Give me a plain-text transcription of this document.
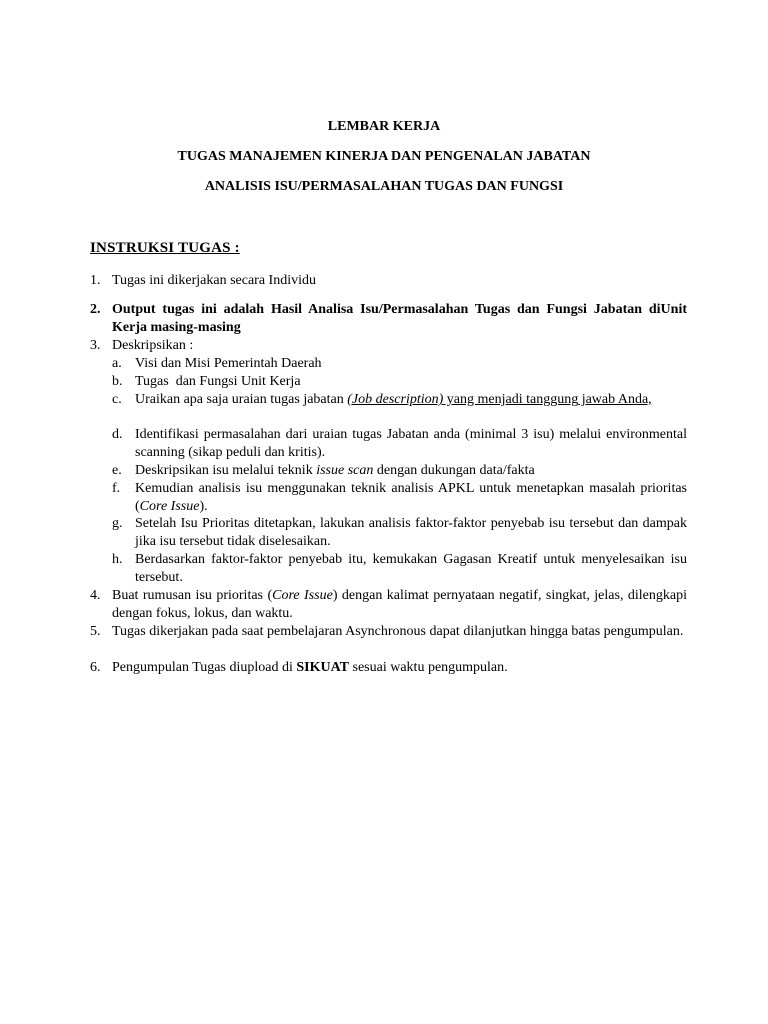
LEMBAR KERJA
TUGAS MANAJEMEN KINERJA DAN PENGENALAN JABATAN
ANALISIS ISU/PERMASALAHAN TUGAS DAN FUNGSI
INSTRUKSI TUGAS :
1. Tugas ini dikerjakan secara Individu
2. Output tugas ini adalah Hasil Analisa Isu/Permasalahan Tugas dan Fungsi Jabatan diUnit Kerja masing-masing
3. Deskripsikan :
a. Visi dan Misi Pemerintah Daerah
b. Tugas  dan Fungsi Unit Kerja
c. Uraikan apa saja uraian tugas jabatan (Job description) yang menjadi tanggung jawab Anda,
d. Identifikasi permasalahan dari uraian tugas Jabatan anda (minimal 3 isu) melalui environmental scanning (sikap peduli dan kritis).
e. Deskripsikan isu melalui teknik issue scan dengan dukungan data/fakta
f. Kemudian analisis isu menggunakan teknik analisis APKL untuk menetapkan masalah prioritas (Core Issue).
g. Setelah Isu Prioritas ditetapkan, lakukan analisis faktor-faktor penyebab isu tersebut dan dampak jika isu tersebut tidak diselesaikan.
h. Berdasarkan faktor-faktor penyebab itu, kemukakan Gagasan Kreatif untuk menyelesaikan isu tersebut.
4. Buat rumusan isu prioritas (Core Issue) dengan kalimat pernyataan negatif, singkat, jelas, dilengkapi dengan fokus, lokus, dan waktu.
5. Tugas dikerjakan pada saat pembelajaran Asynchronous dapat dilanjutkan hingga batas pengumpulan.
6. Pengumpulan Tugas diupload di SIKUAT sesuai waktu pengumpulan.
